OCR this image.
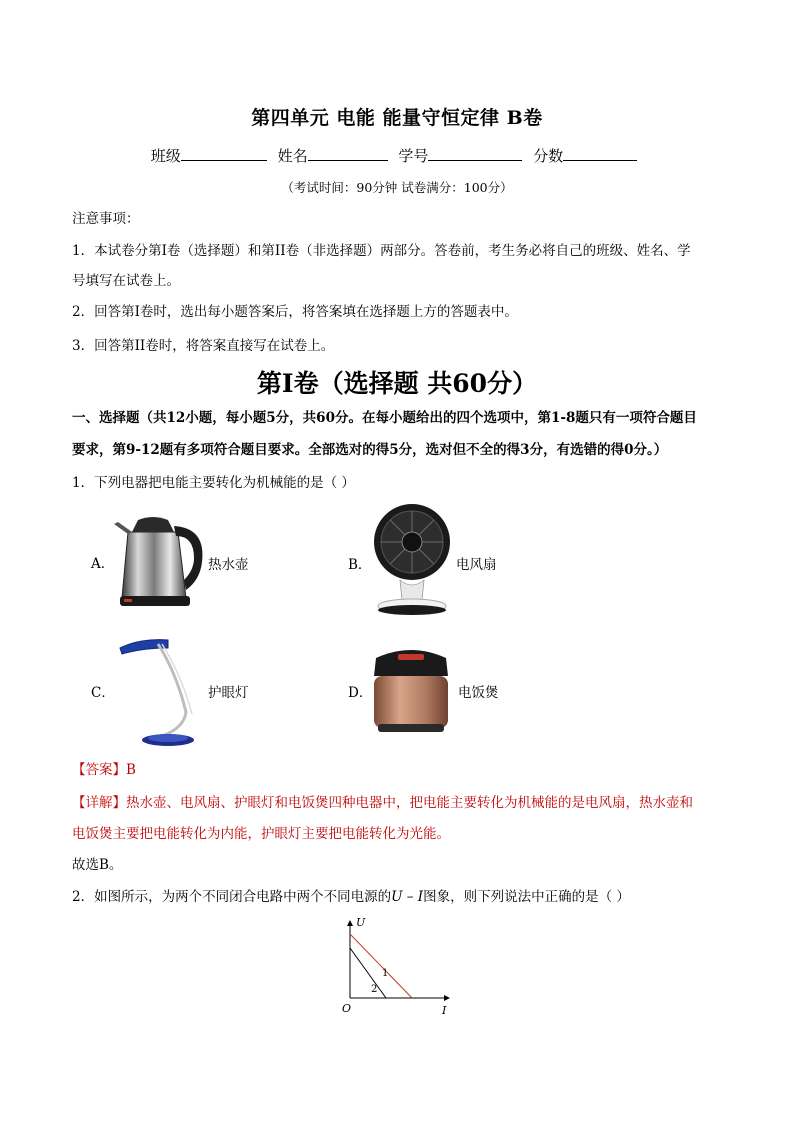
第四单元 电能 能量守恒定律 B卷
班级	姓名	学号	分数
（考试时间：90分钟 试卷满分：100分）
注意事项：
1．本试卷分第Ⅰ卷（选择题）和第II卷（非选择题）两部分。答卷前，考生务必将自己的班级、姓名、学
号填写在试卷上。
2．回答第Ⅰ卷时，选出每小题答案后，将答案填在选择题上方的答题表中。
3．回答第II卷时，将答案直接写在试卷上。
第Ⅰ卷（选择题 共60分）
一、选择题（共12小题，每小题5分，共60分。在每小题给出的四个选项中，第1-8题只有一项符合题目
要求，第9-12题有多项符合题目要求。全部选对的得5分，选对但不全的得3分，有选错的得0分。）
1．下列电器把电能主要转化为机械能的是（ ）
A．	热水壶	B．	电风扇
C．	护眼灯	D．	电饭煲
【答案】B
【详解】热水壶、电风扇、护眼灯和电饭煲四种电器中，把电能主要转化为机械能的是电风扇，热水壶和
电饭煲主要把电能转化为内能，护眼灯主要把电能转化为光能。
故选B。
2．如图所示，为两个不同闭合电路中两个不同电源的U – I图象，则下列说法中正确的是（ ）
U
I
O
1
2
